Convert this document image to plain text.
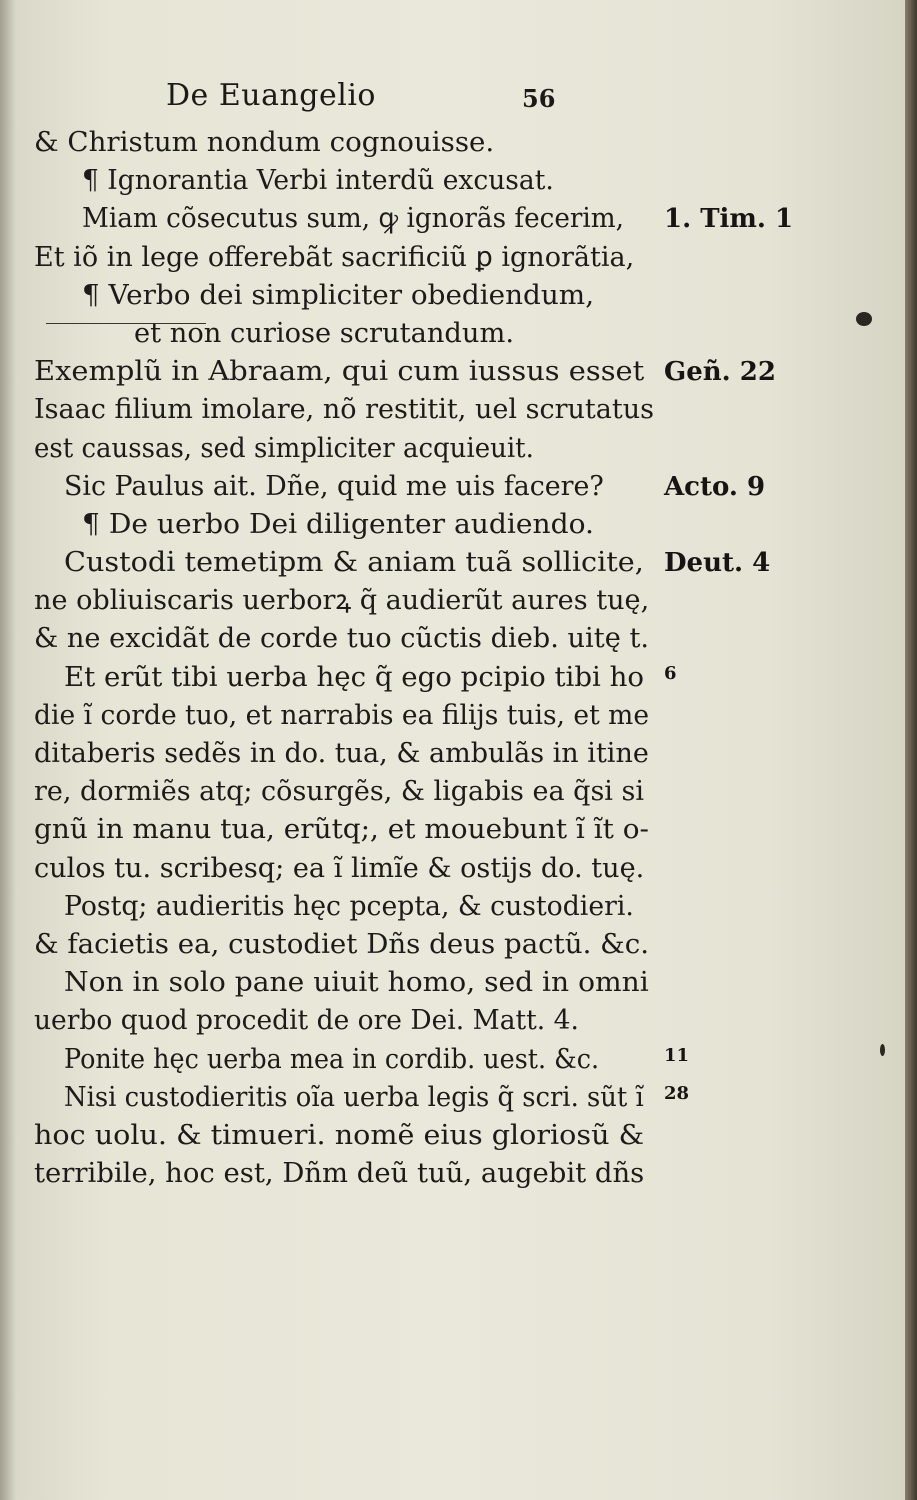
De Euangelio	56
& Christum nondum cognouisse.
¶ Ignorantia Verbi interdũ excusat.
Miam cõsecutus sum, ꝙ ignorãs fecerim,
Et iõ in lege offerebãt sacrificiũ ꝑ ignorãtia,
¶ Verbo dei simpliciter obediendum,
et non curiose scrutandum.
Exemplũ in Abraam, qui cum iussus esset
Isaac filium imolare, nõ restitit, uel scrutatus
est caussas, sed simpliciter acquieuit.
Sic Paulus ait. Dñe, quid me uis facere?
¶ De uerbo Dei diligenter audiendo.
Custodi temetipm & aniam tuã sollicite,
ne obliuiscaris uerborꝝ q̃ audierũt aures tuę,
& ne excidãt de corde tuo cũctis dieb. uitę t.
Et erũt tibi uerba hęc q̃ ego pcipio tibi ho
die ĩ corde tuo, et narrabis ea filijs tuis, et me
ditaberis sedẽs in do. tua, & ambulãs in itine
re, dormiẽs atq; cõsurgẽs, & ligabis ea q̃si si
gnũ in manu tua, erũtq;, et mouebunt ĩ ĩt o-
culos tu. scribesq; ea ĩ limĩe & ostijs do. tuę.
Postq; audieritis hęc pcepta, & custodieri.
& facietis ea, custodiet Dñs deus pactũ. &c.
Non in solo pane uiuit homo, sed in omni
uerbo quod procedit de ore Dei. Matt. 4.
Ponite hęc uerba mea in cordib. uest. &c.
Nisi custodieritis oĩa uerba legis q̃ scri. sũt ĩ
hoc uolu. & timueri. nomẽ eius gloriosũ &
terribile, hoc est, Dñm deũ tuũ, augebit dñs
1. Tim. 1
Geñ. 22
Acto. 9
Deut. 4
6
11
28
